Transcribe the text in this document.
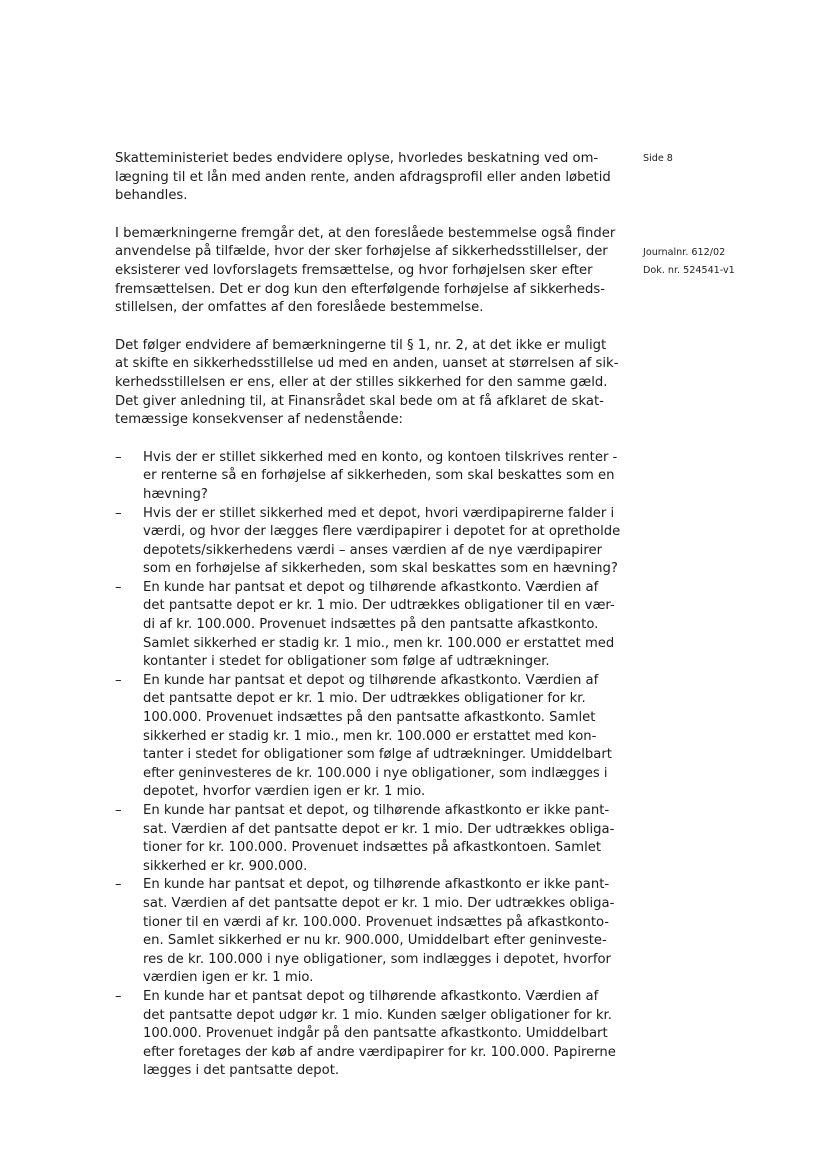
Side 8
Journalnr. 612/02
Dok. nr. 524541-v1
Skatteministeriet bedes endvidere oplyse, hvorledes beskatning ved om-
lægning til et lån med anden rente, anden afdragsprofil eller anden løbetid
behandles.
I bemærkningerne fremgår det, at den foreslåede bestemmelse også finder
anvendelse på tilfælde, hvor der sker forhøjelse af sikkerhedsstillelser, der
eksisterer ved lovforslagets fremsættelse, og hvor forhøjelsen sker efter
fremsættelsen. Det er dog kun den efterfølgende forhøjelse af sikkerheds-
stillelsen, der omfattes af den foreslåede bestemmelse.
Det følger endvidere af bemærkningerne til § 1, nr. 2, at det ikke er muligt
at skifte en sikkerhedsstillelse ud med en anden, uanset at størrelsen af sik-
kerhedsstillelsen er ens, eller at der stilles sikkerhed for den samme gæld.
Det giver anledning til, at Finansrådet skal bede om at få afklaret de skat-
temæssige konsekvenser af nedenstående:
–	Hvis der er stillet sikkerhed med en konto, og kontoen tilskrives renter -
er renterne så en forhøjelse af sikkerheden, som skal beskattes som en
hævning?
–	Hvis der er stillet sikkerhed med et depot, hvori værdipapirerne falder i
værdi, og hvor der lægges flere værdipapirer i depotet for at opretholde
depotets/sikkerhedens værdi – anses værdien af de nye værdipapirer
som en forhøjelse af sikkerheden, som skal beskattes som en hævning?
–	En kunde har pantsat et depot og tilhørende afkastkonto. Værdien af
det pantsatte depot er kr. 1 mio. Der udtrækkes obligationer til en vær-
di af kr. 100.000. Provenuet indsættes på den pantsatte afkastkonto.
Samlet sikkerhed er stadig kr. 1 mio., men kr. 100.000 er erstattet med
kontanter i stedet for obligationer som følge af udtrækninger.
–	En kunde har pantsat et depot og tilhørende afkastkonto. Værdien af
det pantsatte depot er kr. 1 mio. Der udtrækkes obligationer for kr.
100.000. Provenuet indsættes på den pantsatte afkastkonto. Samlet
sikkerhed er stadig kr. 1 mio., men kr. 100.000 er erstattet med kon-
tanter i stedet for obligationer som følge af udtrækninger. Umiddelbart
efter geninvesteres de kr. 100.000 i nye obligationer, som indlægges i
depotet, hvorfor værdien igen er kr. 1 mio.
–	En kunde har pantsat et depot, og tilhørende afkastkonto er ikke pant-
sat. Værdien af det pantsatte depot er kr. 1 mio. Der udtrækkes obliga-
tioner for kr. 100.000. Provenuet indsættes på afkastkontoen. Samlet
sikkerhed er kr. 900.000.
–	En kunde har pantsat et depot, og tilhørende afkastkonto er ikke pant-
sat. Værdien af det pantsatte depot er kr. 1 mio. Der udtrækkes obliga-
tioner til en værdi af kr. 100.000. Provenuet indsættes på afkastkonto-
en. Samlet sikkerhed er nu kr. 900.000, Umiddelbart efter geninveste-
res de kr. 100.000 i nye obligationer, som indlægges i depotet, hvorfor
værdien igen er kr. 1 mio.
–	En kunde har et pantsat depot og tilhørende afkastkonto. Værdien af
det pantsatte depot udgør kr. 1 mio. Kunden sælger obligationer for kr.
100.000. Provenuet indgår på den pantsatte afkastkonto. Umiddelbart
efter foretages der køb af andre værdipapirer for kr. 100.000. Papirerne
lægges i det pantsatte depot.
